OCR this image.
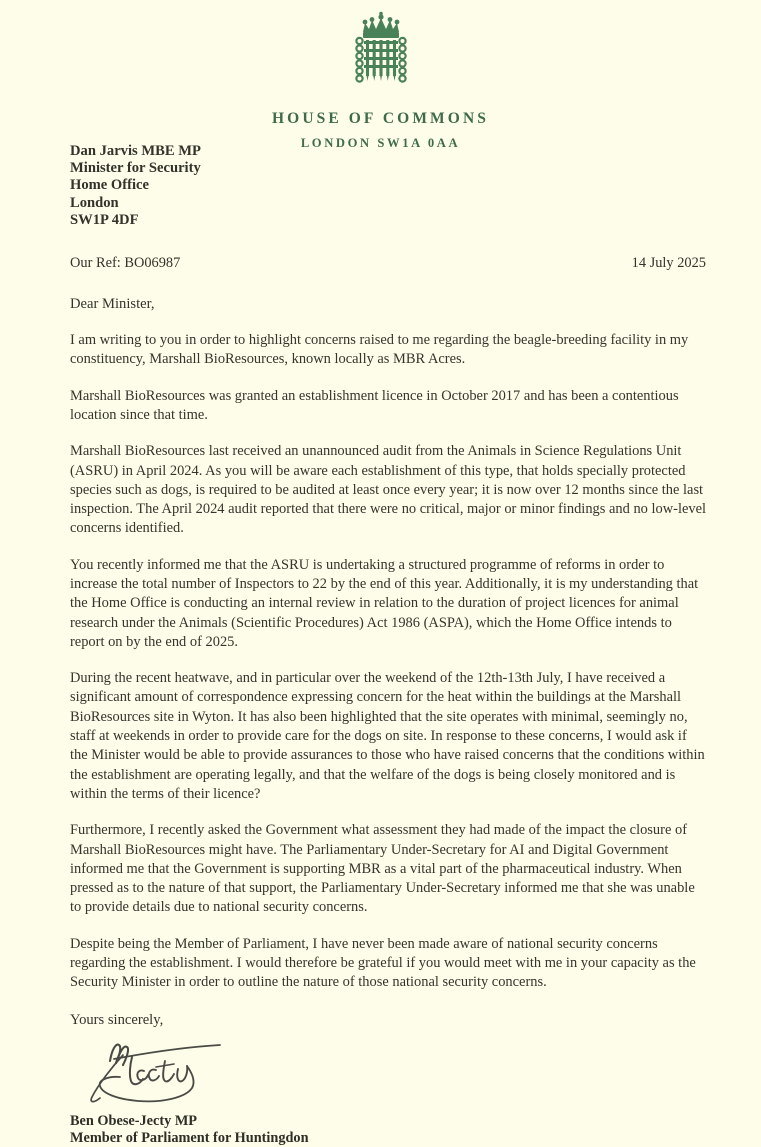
HOUSE OF COMMONS
LONDON SW1A 0AA
Dan Jarvis MBE MP
Minister for Security
Home Office
London
SW1P 4DF
Our Ref: BO06987	14 July 2025
Dear Minister,

I am writing to you in order to highlight concerns raised to me regarding the beagle-breeding facility in my constituency, Marshall BioResources, known locally as MBR Acres.

Marshall BioResources was granted an establishment licence in October 2017 and has been a contentious location since that time.

Marshall BioResources last received an unannounced audit from the Animals in Science Regulations Unit (ASRU) in April 2024. As you will be aware each establishment of this type, that holds specially protected species such as dogs, is required to be audited at least once every year; it is now over 12 months since the last inspection. The April 2024 audit reported that there were no critical, major or minor findings and no low-level concerns identified.

You recently informed me that the ASRU is undertaking a structured programme of reforms in order to increase the total number of Inspectors to 22 by the end of this year. Additionally, it is my understanding that the Home Office is conducting an internal review in relation to the duration of project licences for animal research under the Animals (Scientific Procedures) Act 1986 (ASPA), which the Home Office intends to report on by the end of 2025.

During the recent heatwave, and in particular over the weekend of the 12th-13th July, I have received a significant amount of correspondence expressing concern for the heat within the buildings at the Marshall BioResources site in Wyton. It has also been highlighted that the site operates with minimal, seemingly no, staff at weekends in order to provide care for the dogs on site. In response to these concerns, I would ask if the Minister would be able to provide assurances to those who have raised concerns that the conditions within the establishment are operating legally, and that the welfare of the dogs is being closely monitored and is within the terms of their licence?

Furthermore, I recently asked the Government what assessment they had made of the impact the closure of Marshall BioResources might have. The Parliamentary Under-Secretary for AI and Digital Government informed me that the Government is supporting MBR as a vital part of the pharmaceutical industry. When pressed as to the nature of that support, the Parliamentary Under-Secretary informed me that she was unable to provide details due to national security concerns.

Despite being the Member of Parliament, I have never been made aware of national security concerns regarding the establishment. I would therefore be grateful if you would meet with me in your capacity as the Security Minister in order to outline the nature of those national security concerns.

Yours sincerely,
Ben Obese-Jecty MP
Member of Parliament for Huntingdon
